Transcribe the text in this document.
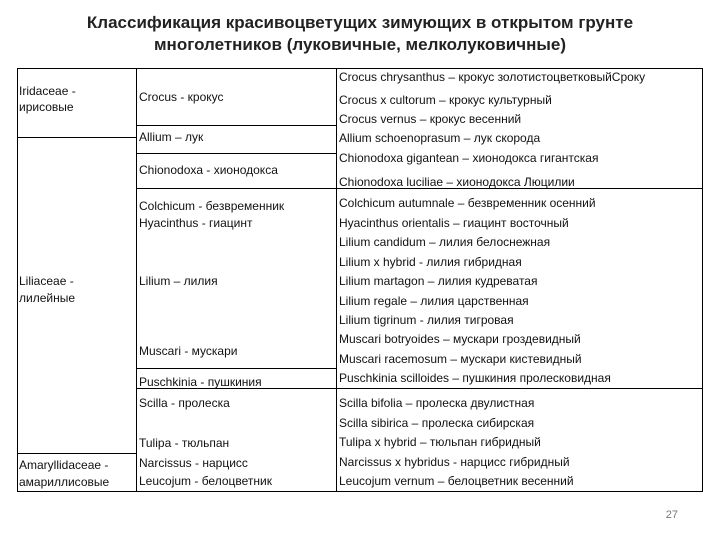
Классификация красивоцветущих зимующих в открытом грунте
многолетников (луковичные, мелколуковичные)
Iridaceae -
ирисовые
Liliaceae -
лилейные
Amaryllidaceae -
амариллисовые
Crocus - крокус
Allium – лук
Chionodoxa - хионодокса
Colchicum - безвременник
Hyacinthus - гиацинт
Lilium – лилия
Muscari - мускари
Puschkinia - пушкиния
Scilla - пролеска
Tulipa - тюльпан
Narcissus - нарцисс
Leucojum - белоцветник
Crocus chrysanthus – крокус золотистоцветковыйСроку
Crocus x cultorum – крокус культурный
Crocus vernus – крокус весенний
Allium schoenoprasum – лук скорода
Chionodoxa gigantean – хионодокса гигантская
Chionodoxa luciliae – хионодокса Люцилии
Colchicum autumnale – безвременник осенний
Hyacinthus orientalis – гиацинт восточный
Lilium candidum – лилия белоснежная
Lilium x hybrid - лилия гибридная
Lilium martagon – лилия кудреватая
Lilium regale – лилия царственная
Lilium tigrinum - лилия тигровая
Muscari botryoides – мускари гроздевидный
Muscari racemosum – мускари кистевидный
Puschkinia scilloides – пушкиния пролесковидная
Scilla bifolia – пролеска двулистная
Scilla sibirica – пролеска сибирская
Tulipa x hybrid – тюльпан гибридный
Narcissus x hybridus - нарцисс гибридный
Leucojum vernum – белоцветник весенний
27
